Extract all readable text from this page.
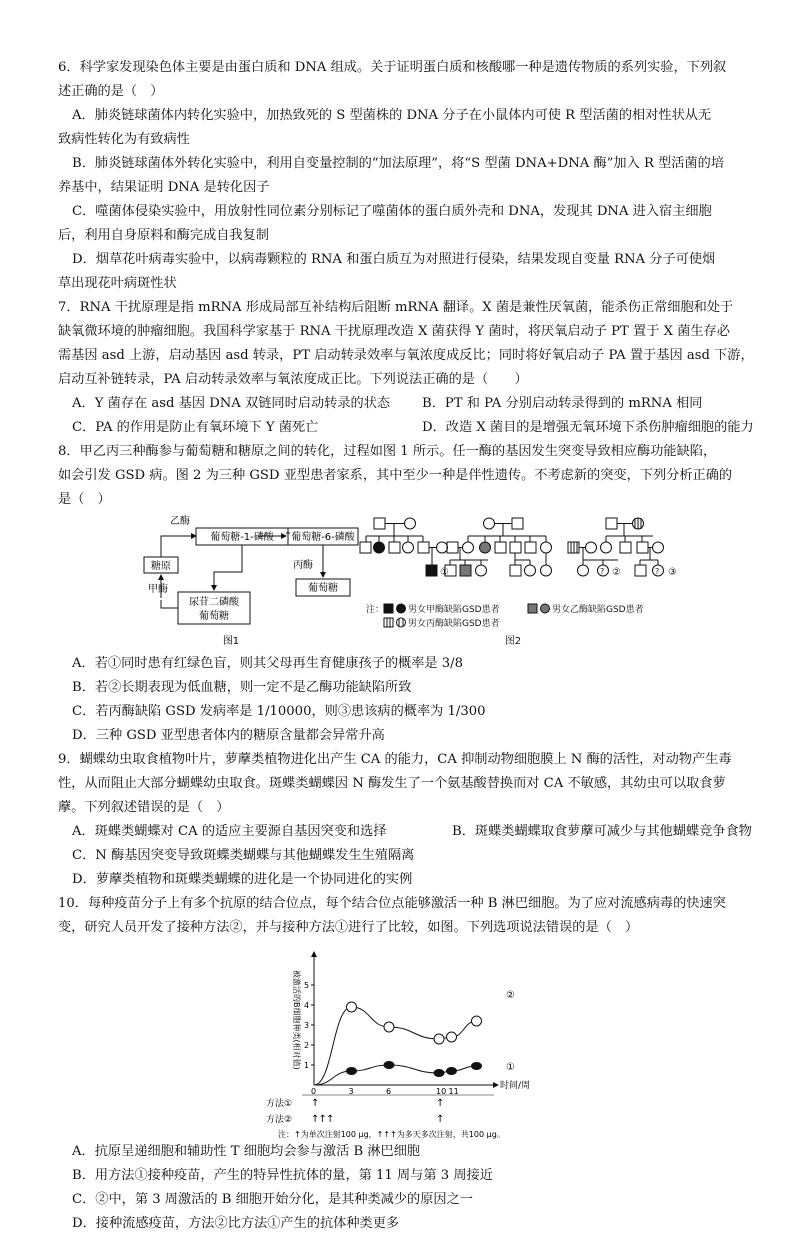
6．科学家发现染色体主要是由蛋白质和 DNA 组成。关于证明蛋白质和核酸哪一种是遗传物质的系列实验，下列叙

述正确的是（　）

A．肺炎链球菌体内转化实验中，加热致死的 S 型菌株的 DNA 分子在小鼠体内可使 R 型活菌的相对性状从无

致病性转化为有致病性

B．肺炎链球菌体外转化实验中，利用自变量控制的“加法原理”，将“S 型菌 DNA+DNA 酶”加入 R 型活菌的培

养基中，结果证明 DNA 是转化因子

C．噬菌体侵染实验中，用放射性同位素分别标记了噬菌体的蛋白质外壳和 DNA，发现其 DNA 进入宿主细胞

后，利用自身原料和酶完成自我复制

D．烟草花叶病毒实验中，以病毒颗粒的 RNA 和蛋白质互为对照进行侵染，结果发现自变量 RNA 分子可使烟

草出现花叶病斑性状

7．RNA 干扰原理是指 mRNA 形成局部互补结构后阻断 mRNA 翻译。X 菌是兼性厌氧菌，能杀伤正常细胞和处于

缺氧微环境的肿瘤细胞。我国科学家基于 RNA 干扰原理改造 X 菌获得 Y 菌时，将厌氧启动子 PT 置于 X 菌生存必

需基因 asd 上游，启动基因 asd 转录，PT 启动转录效率与氧浓度成反比；同时将好氧启动子 PA 置于基因 asd 下游，

启动互补链转录，PA 启动转录效率与氧浓度成正比。下列说法正确的是（　　）

A．Y 菌存在 asd 基因 DNA 双链同时启动转录的状态	B．PT 和 PA 分别启动转录得到的 mRNA 相同
C．PA 的作用是防止有氧环境下 Y 菌死亡	D．改造 X 菌目的是增强无氧环境下杀伤肿瘤细胞的能力

8．甲乙丙三种酶参与葡萄糖和糖原之间的转化，过程如图 1 所示。任一酶的基因发生突变导致相应酶功能缺陷，

如会引发 GSD 病。图 2 为三种 GSD 亚型患者家系，其中至少一种是伴性遗传。不考虑新的突变，下列分析正确的

是（　）

乙酶
葡萄糖-1-磷酸 葡萄糖-6-磷酸
糖原
甲酶
尿苷二磷酸
葡萄糖
丙酶
葡萄糖
图1
①	? ②	? ③
注：	男女甲酶缺陷GSD患者	男女乙酶缺陷GSD患者
男女丙酶缺陷GSD患者
图2

A．若①同时患有红绿色盲，则其父母再生育健康孩子的概率是 3/8

B．若②长期表现为低血糖，则一定不是乙酶功能缺陷所致

C．若丙酶缺陷 GSD 发病率是 1/10000，则③患该病的概率为 1/300

D．三种 GSD 亚型患者体内的糖原含量都会异常升高

9．蝴蝶幼虫取食植物叶片，萝藦类植物进化出产生 CA 的能力，CA 抑制动物细胞膜上 N 酶的活性，对动物产生毒

性，从而阻止大部分蝴蝶幼虫取食。斑蝶类蝴蝶因 N 酶发生了一个氨基酸替换而对 CA 不敏感，其幼虫可以取食萝

藦。下列叙述错误的是（　）

A．斑蝶类蝴蝶对 CA 的适应主要源自基因突变和选择	B．斑蝶类蝴蝶取食萝藦可减少与其他蝴蝶竞争食物

C．N 酶基因突变导致斑蝶类蝴蝶与其他蝴蝶发生生殖隔离

D．萝藦类植物和斑蝶类蝴蝶的进化是一个协同进化的实例

10．每种疫苗分子上有多个抗原的结合位点，每个结合位点能够激活一种 B 淋巴细胞。为了应对流感病毒的快速突

变，研究人员开发了接种方法②，并与接种方法①进行了比较，如图。下列选项说法错误的是（　）

被激活的B细胞种类(相对值) 1
2
3
4
5
0	3	6	10 11
时间/周
②
①
方法① ↑	↑
方法② ↑ ↑ ↑	↑
注：↑为单次注射100 μg，↑↑↑为多天多次注射，共100 μg。

A．抗原呈递细胞和辅助性 T 细胞均会参与激活 B 淋巴细胞

B．用方法①接种疫苗，产生的特异性抗体的量，第 11 周与第 3 周接近

C．②中，第 3 周激活的 B 细胞开始分化，是其种类减少的原因之一

D．接种流感疫苗，方法②比方法①产生的抗体种类更多
